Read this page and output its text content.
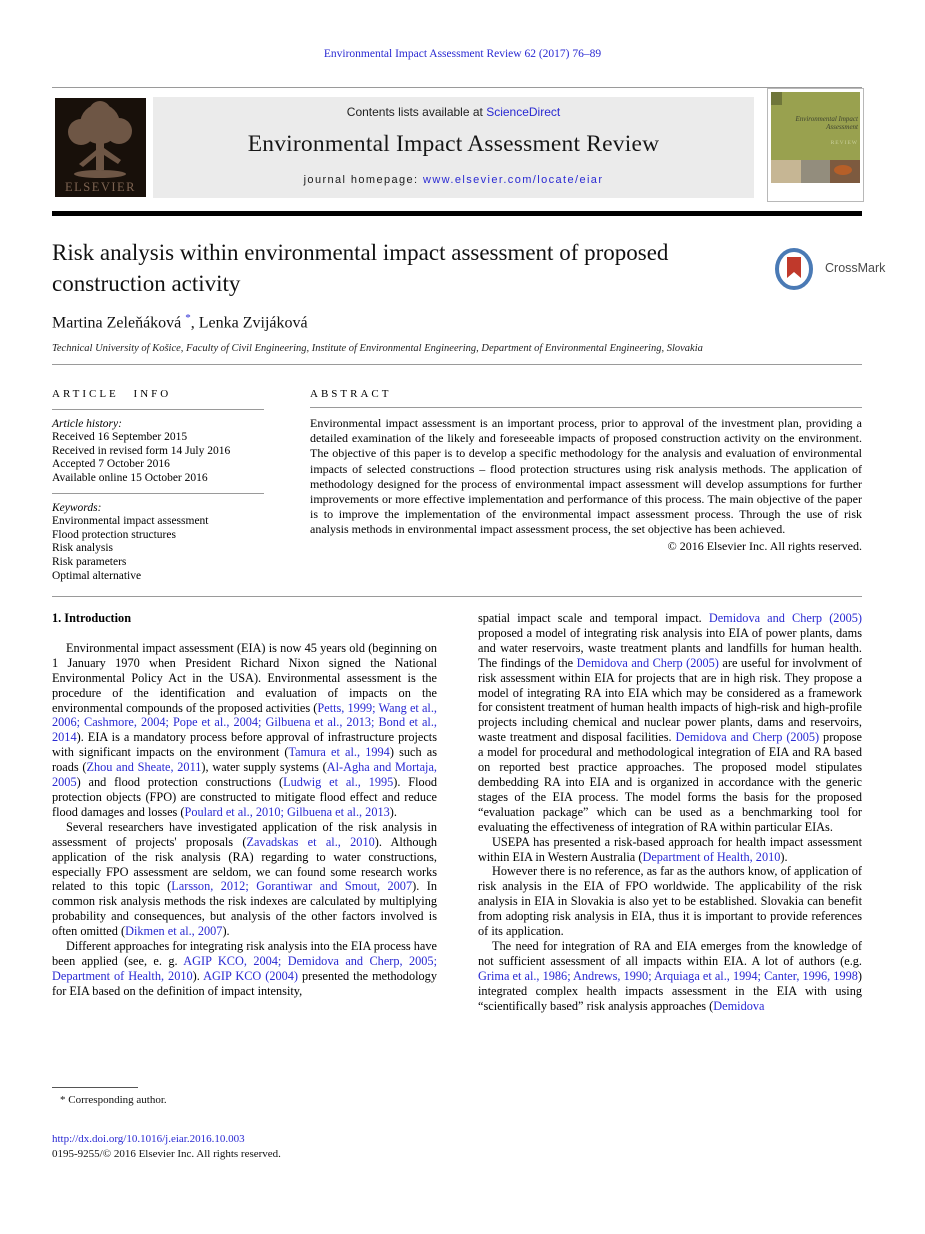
Environmental Impact Assessment Review 62 (2017) 76–89
ELSEVIER
Contents lists available at ScienceDirect
Environmental Impact Assessment Review
journal homepage: www.elsevier.com/locate/eiar
Environmental Impact Assessment
REVIEW
Risk analysis within environmental impact assessment of proposed construction activity
CrossMark
Martina Zeleňáková *, Lenka Zvijáková
Technical University of Košice, Faculty of Civil Engineering, Institute of Environmental Engineering, Department of Environmental Engineering, Slovakia
ARTICLE INFO
Article history:
Received 16 September 2015
Received in revised form 14 July 2016
Accepted 7 October 2016
Available online 15 October 2016
Keywords:
Environmental impact assessment
Flood protection structures
Risk analysis
Risk parameters
Optimal alternative
ABSTRACT
Environmental impact assessment is an important process, prior to approval of the investment plan, providing a detailed examination of the likely and foreseeable impacts of proposed construction activity on the environment. The objective of this paper is to develop a specific methodology for the analysis and evaluation of environmental impacts of selected constructions – flood protection structures using risk analysis methods. The application of methodology designed for the process of environmental impact assessment will develop assumptions for further improvements or more effective implementation and performance of this process. The main objective of the paper is to improve the implementation of the environmental impact assessment process. Through the use of risk analysis methods in environmental impact assessment process, the set objective has been achieved.
© 2016 Elsevier Inc. All rights reserved.
1. Introduction

Environmental impact assessment (EIA) is now 45 years old (beginning on 1 January 1970 when President Richard Nixon signed the National Environmental Policy Act in the USA). Environmental assessment is the procedure of the identification and evaluation of impacts on the environmental compounds of the proposed activities (Petts, 1999; Wang et al., 2006; Cashmore, 2004; Pope et al., 2004; Gilbuena et al., 2013; Bond et al., 2014). EIA is a mandatory process before approval of infrastructure projects with significant impacts on the environment (Tamura et al., 1994) such as roads (Zhou and Sheate, 2011), water supply systems (Al-Agha and Mortaja, 2005) and flood protection constructions (Ludwig et al., 1995). Flood protection objects (FPO) are constructed to mitigate flood effect and reduce flood damages and losses (Poulard et al., 2010; Gilbuena et al., 2013).

Several researchers have investigated application of the risk analysis in assessment of projects' proposals (Zavadskas et al., 2010). Although application of the risk analysis (RA) regarding to water constructions, especially FPO assessment are seldom, we can found some research works related to this topic (Larsson, 2012; Gorantiwar and Smout, 2007). In common risk analysis methods the risk indexes are calculated by multiplying probability and consequences, but analysis of the other factors involved is often omitted (Dikmen et al., 2007).

Different approaches for integrating risk analysis into the EIA process have been applied (see, e. g. AGIP KCO, 2004; Demidova and Cherp, 2005; Department of Health, 2010). AGIP KCO (2004) presented the methodology for EIA based on the definition of impact intensity,

spatial impact scale and temporal impact. Demidova and Cherp (2005) proposed a model of integrating risk analysis into EIA of power plants, dams and water reservoirs, waste treatment plants and landfills for human health. The findings of the Demidova and Cherp (2005) are useful for involvment of risk assessment within EIA for projects that are in high risk. They propose a model of integrating RA into EIA which may be considered as a framework for consistent treatment of human health impacts of high-risk and high-profile projects including chemical and nuclear power plants, dams and reservoirs, waste treatment and disposal facilities. Demidova and Cherp (2005) propose a model for procedural and methodological integration of EIA and RA based on reported best practice approaches. The proposed model stipulates dembedding RA into EIA and is organized in accordance with the generic stages of the EIA process. The model forms the basis for the proposed “evaluation package” which can be used as a benchmarking tool for evaluating the effectiveness of integration of RA within particular EIAs.

USEPA has presented a risk-based approach for health impact assessment within EIA in Western Australia (Department of Health, 2010).

However there is no reference, as far as the authors know, of application of risk analysis in the EIA of FPO worldwide. The applicability of the risk analysis in EIA in Slovakia is also yet to be established. Slovakia can benefit from adopting risk analysis in EIA, thus it is important to provide references of its application.

The need for integration of RA and EIA emerges from the knowledge of not sufficient assessment of all impacts within EIA. A lot of authors (e.g. Grima et al., 1986; Andrews, 1990; Arquiaga et al., 1994; Canter, 1996, 1998) integrated complex health impacts assessment in the EIA with using “scientifically based” risk analysis approaches (Demidova

* Corresponding author.
http://dx.doi.org/10.1016/j.eiar.2016.10.003
0195-9255/© 2016 Elsevier Inc. All rights reserved.
